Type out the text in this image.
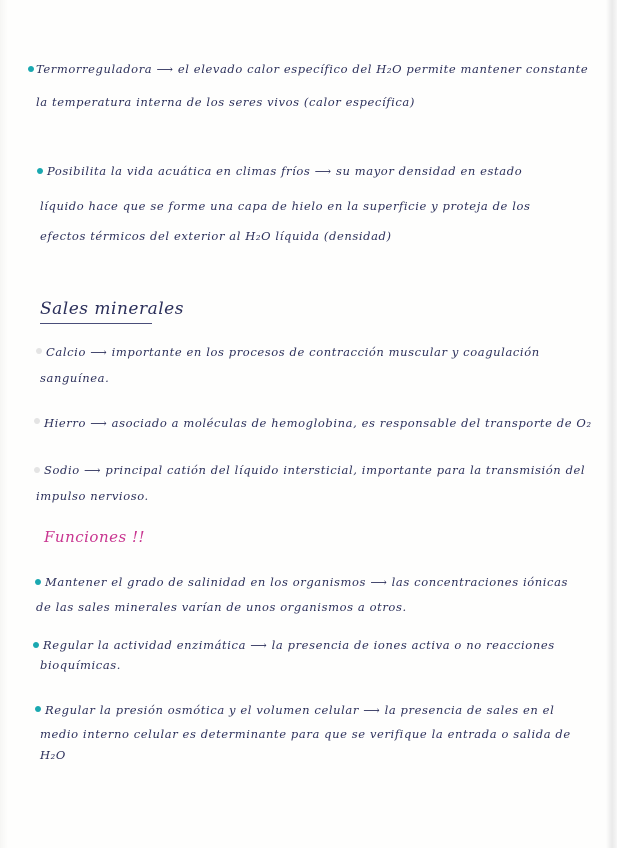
Termorreguladora ⟶ el elevado calor específico del H₂O permite mantener constante
la temperatura interna de los seres vivos (calor específica)
Posibilita la vida acuática en climas fríos ⟶ su mayor densidad en estado
líquido hace que se forme una capa de hielo en la superficie y proteja de los
efectos térmicos del exterior al H₂O líquida (densidad)
Sales minerales
Calcio ⟶ importante en los procesos de contracción muscular y coagulación
sanguínea.
Hierro ⟶ asociado a moléculas de hemoglobina, es responsable del transporte de O₂
Sodio ⟶ principal catión del líquido intersticial, importante para la transmisión del
impulso nervioso.
Funciones !!
Mantener el grado de salinidad en los organismos ⟶ las concentraciones iónicas
de las sales minerales varían de unos organismos a otros.
Regular la actividad enzimática ⟶ la presencia de iones activa o no reacciones
bioquímicas.
Regular la presión osmótica y el volumen celular ⟶ la presencia de sales en el
medio interno celular es determinante para que se verifique la entrada o salida de
H₂O
